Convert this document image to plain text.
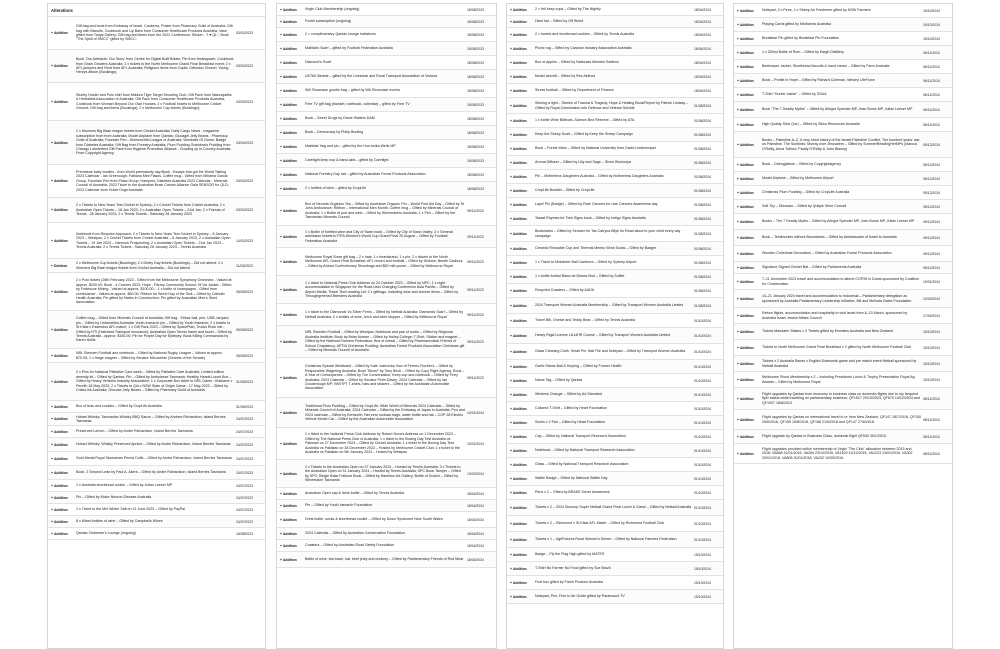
Alterations
+ Addition
Gift bag and book from Embassy of Israel, Canberra, Poster from Pharmacy Guild of Australia; Gift bag with Biscuits, Cookbook and Lip Balm from Consumer Healthcare Products Australia; Vase gifted from Tanya Gallery; Gift bag and items from the 2022 Conference; Sticker - "I ♥ QL"; Book "The Spirit of SMCC" gifted by SMCC;
03/02/2023
+ Addition
Book 'Our Artefacts: Our Story' from Centre for Digital Built Britain; Pin from Heatsquare; Cookbook from Grain Growers Australia; 2 x tickets to the North Melbourne Grand Final Breakfast event; 2 x AFL jumpers and Final from AFL Australia; Religious items from Coptic Orthodox Church; Young Henrys album (Bookings);
03/02/2023
+ Addition
Stubby Holder and Polo shirt from Mildura Tiger Target Shooting Club; Gift Pack from Naturapaths & Herbalists Association of Australia; Gift Pack from Consumer Healthcare Products Australia; Cookbook from Woman Beyond Our Own Houses; 2 x Football tickets to Melbourne Cricket Ground; Gift bag and items (Bookings); 2 x Melbourne Cup tickets (Bookings);
03/02/2023
+ Addition
2 x Womens Big Bash league tickets from Cricket Australia; Daily Cargo News - magazine subscription from from Australia; Model Airplane from Qantas; Glucagel Jelly Beans - Pharmacy Guild of Australia; Fountain Pen - Womenchild League of Australia; Wombats Of Gorse; Badge from Diabetes Australia; Gift Bag from Forestry Australia; Plum Pudding Grandma's Pudding from Chicago Lobsterfest Gift Pack from Hygiene Promotion Alliance - Growing up in Country Australia - From Copyright Agency;
03/02/2023
+ Addition
Premature baby booties - from World prematurity day;Book - Essays that got the World Talking 2023 Calendar - Ian Greenough; Fabiana Mint Flasks, Coffee mug - Gifted from Mihaela Garcia Group; Fountain Pen from Plaza Group; Hampers; Diabetes Australia 2023 Calendar - Minerals Council of Australia; 2023 Ticket to the Australian Brain Cancer Alliance Gala SENSOR for QLD; 2023 Calendar from Guide Dogs Australia
03/02/2023
+ Addition
2 x Tickets to New Years Test Cricket in Sydney; 2 x Cricket Tickets from Cricket Australia; 2 x Australian Open Tickets – 18 Jan 2023; 2 x Australian Open Tickets – 21st Jan; 2 x Friends of Tennis - 28 January 2023, 2 x Tennis Tickets - Saturday 28 January 2023
03/02/2023
+ Addition
Notebook from Respoke Approach; 2 x Tickets to New Years Test Cricket in Sydney – 6 January 2023 – Westpac; 2 x Cricket Tickets from Cricket Australia – 6 January 2023; 2 x Australian Open Tickets – 19 Jan 2023 – Hancock Prospecting; 2 x Australian Open Tickets – 21st Jan 2023 – Tennis Australia; 2 x Tennis Tickets - Saturday 28 January 2023 – Tennis Australia
14/02/2023
+ Deletion
2 x Melbourne Cup tickets (Bookings); 2 x Derby Day tickets (Bookings) – Did not attend; 2 x Womens Big Bash league tickets from Cricket Australia – Did not attend	11/03/2023
+ Addition
2 x Polo tickets (26th February 2023 - Gifted from the Melbourne Symphony Orchestra - Valued at approx. $200.00; Book - 4 Corners 2023, Hope - Fitzroy Community School; Hi Vis Jacket - Gifted by Fortescue Mining - Valued at approx. $100.00; - 1 x bottle of champagne - Gifted from continuance - Valued at approx. $60.00; Ribbon for World Day of the Sick – Gifted by Catholic Health Australia; Pin gifted by Mates in Construction; Pin gifted by Australian Men's Shed Association;
05/05/2023
+ Addition
Coffee mug – Gifted from Minerals Council of Australia; Gift bag - Shiraz ball, pen, USB, lanyard, pin – Gifted by Universities Australia; Youth Insearch pin – Gifted by Youth Insearch; 2 x tickets to St Kilda v Essendon AFL match; 1 x Gift Pack 2023 – Gifted by SpacePlan; Trucks Rock hat - Gifted by HTI (Hatchard Transport Insurance); Australian Open Tennis frame and towel – Gifted by Tennis Australia - approx. $150.00; Pin for Purple Day for Epilepsy; Book Killing Commandos by Karen Hollis
05/05/2023
+ Addition
NRL Steeden Football and notebook – Gifted by National Rugby League – Valued at approx. $70.00; 1 x fridge magnet – Gifted by Senator McLachlan (Secrets of the Senate)	05/05/2023
+ Addition
2 x Pins for National Palliative Care week – Gifted by Palliative Care Australia; Limited edition amenity kit – Gifted by Qantas; Pin – Gifted by Ambulance Tasmania; Healthy Heads Lunch Box – Gifted by Heavy Vehicles Industry Association; 1 x Corporate Box ticket to NRL Game - Brisbane v Penrith 18 May 2023; 2 x Tickets to Qld v NSW State of Origin Game - 17 May 2023 – Gifted by CrisisLink Australia; Glucose Jelly Beans – Gifted by Pharmacy Guild of Australia
31/05/2023
+ Addition	Box of teas and cookies – Gifted by CropLife Australia	31/05/2023
+ Addition
Hobart Whisky: Tasmanian Whisky BBQ Sauce – Gifted by Andrew Richardson, Island Berries Tasmania	24/07/2023
+ Addition	Preserved Lemon – Gifted by Andre Richardson, Island Berries Tasmania	24/07/2023
+ Addition	Hobart Whisky: Whisky Preserved Apricot – Gifted by Andre Richardson, Island Berries Tasmania	24/07/2023
+ Addition	Gold Medal Royal Tasmanian Pemia Coffs – Gifted by Andre Richardson, Island Berries Tasmania	24/07/2023
+ Addition	Book: 2 Second Lean by Paul A. Akers – Gifted by Andre Richardson, Island Berries Tasmania	24/07/2023
+ Addition	1 x Australia shortbread cookie – Gifted by Julian Leeser MP	24/07/2023
+ Addition	Pin – Gifted by Motor Neuron Disease Australia	24/07/2023
+ Addition	1 x Ticket to the Mel Winter Salt on 21 June 2023 – Gifted by PayPal	24/07/2023
+ Addition	8 x Mixed bottles of wine – Gifted by Campbells Wines	24/07/2023
+ Addition	Qantas Chairman's Lounge (ongoing)	18/08/2023
+ Addition	Virgin Club Membership (ongoing)	18/08/2023
+ Addition	Foxtel subscription (ongoing)	18/08/2023
+ Addition	2 × complimentary Qantas lounge invitations	18/08/2023
+ Addition	Matilda's Scarf – gifted by Football Federation Australia	18/08/2023
+ Addition	Diamond's Scarf	18/08/2023
+ Addition	UKTAV Beanie – gifted by the Livestock and Rural Transport Association of Victoria	18/08/2023
+ Addition	WA Showcase goodie bag – gifted by WA Showcase events	18/08/2023
+ Addition	Free TV gift bag (blanket, notebook, calendar) – gifted by Free TV	18/08/2023
+ Addition	Book – Street Drugs by Dame Walters DAM	18/08/2023
+ Addition	Book – Democracy by Philip Bunting	18/08/2023
+ Addition	Matildas' flag and pin – gifted by the Hon Anika Wells MP	18/08/2023
+ Addition	Carefight keep cup & band-aids – gifted by Carefight	18/08/2023
+ Addition	National Forestry Day hat – gifted by Australian Forest Products Association	18/08/2023
+ Addition	2 × bottles of wine – gifted by CropLife	18/08/2023
+ Addition
Box of Nevada Organics Tea – Gifted by Australian Organic; Pin – World First Aid Day – Gifted by St John Ambulance; Ribbon – International Men Month; Coffee mug – Gifted by Minerals Council of Australia; 1 x Bottle of port and wine – Gifted by Winemakers Australia; 1 x Pen – Gifted by the Tasmanian Minerals Council
09/11/2023
+ Addition
1 x Bottle of fortified wine and City of Swan book – Gifted by City of Swan Valley; 2 x General admission tickets to FIFA Women's World Cup Grand Final 20 August – Gifted by Football Federation Australia
09/11/2023
+ Addition
Melbourne Royal Show gift bag – 2 x hats, 1 x heartstrand, 1 x pin; 2 x tickets to the North Melbourne AFL Grand Final Breakfast; AFL record and football – Gifted by Dinkme; Beetle Cadbury – Gifted by Ahead Confectionary Showbags and $50 milk-purse – Gifted by Melbourne Royal
09/11/2023
+ Addition
1 x ticket to National Press Club Address on 24 October 2023 – Gifted by NPC; 1 x night accommodation in Singapore for the Road User Charging Conference Asia Pacific – Gifted by Airport Media; Travel Tech reading Ltd; 2 x giftbags, including wine and cheese items – Gifted by Throughgreened Breeders Australia
09/11/2023
+ Addition
1 x ticket to the Diamonds Vs Silver Ferns – Gifted by Netball Australia; Diamonds Scarf – Gifted by Netball Australia; 2 x bottles of wine, torch and wine stopper – Gifted by Melbourne Royal	09/11/2023
+ Addition
NRL Steeden Football – Gifted by Westpac; Notebook and pair of socks – Gifted by Regional Australia Institute; Book by Brian Nosser – Gifted by Holley College; T-Shirt, Sticker and magnet – Gifted by the National Farmers Federation; Box of cereal – Gifted by Pharmaceutical Friends of School Chaplaincy; APTIA Christmas Pudding; Australian Forest Products Association Christmas gift – Gifted by Minerals Council of Australia
09/11/2023
+ Addition
Christmas Special Wristband – Gifted by Kate Jusevicks; Box of Ferrero Rocher's – Gifted by Responsible Wagering Australia; Book "Blood" by Tony Birch – Gifted by Copy Right Agency; Book – A Year of Consequence – Gifted by The Conversation; Keep cup and notebook – Gifted by Ferry Australia; 2024 Calendar – Gifted by Senator Perin Davey; 2024 Calendar – Gifted by Ian Goodenough MP; WWTPT T-shirts, hats and stickers – Gifted by the Australian Automobile Association
09/11/2023
+ Addition
Traditional Plum Pudding – Gifted by CropLife; Wide World of Minerals 2024 Calendar – Gifted by Minerals Council of Australia; 2024 Calendar – Gifted by the Embassy of Japan in Australia; Pen and 2024 calendar – Gifted by Kenworth; Net zero rucksac bags, water bottle and hat – COP 28 Electric Vehicle Model Car – Gifted by the Australian Automobile Association
10/01/2024
+ Addition
1 x ticket to the National Press Club Address by Robert Nova's Address on 1 December 2023 – Gifted by The National Press Club of Australia; 1 x ticket to the Boxing Day Test Australia vs Pakistan on 27 December 2023 – Gifted by Cricket Australia; 1 x ticket to the Boxing Day Test Australia vs Pakistan on 28 December 2023 – Hosted by Melbourne Cricket Club; 1 x ticket to the Australia vs Pakistan on 5th January 2024 – Hosted by Westpac
10/01/2024
+ Addition
2 x Tickets to the Australian Open on 27 January 2024 – Hosted by Tennis Australia; 3 x Tickets to the Australian Open on 31 January 2024 – Hosted by Tennis Australia; SPC Book Tamper – Gifted by SPC; Bingle Bake Folklore Book – Gifted by Hamilton Art Gallery; Bottle of Scotch – Gifted by Winemaker Tasmania
13/02/2024
+ Addition	Australian Open cap & drink bottle – Gifted by Tennis Australia	18/04/2024
+ Addition	Pin – Gifted by Youth Insearch Foundation	18/04/2024
+ Addition	Drink bottle, socks & shortbread cookie – Gifted by Down Syndrome New South Wales	18/04/2024
+ Addition	2024 Calendar – Gifted by Australian Conservation Foundation	18/04/2024
+ Addition	Coasters – Gifted by Australian Road Safety Foundation	18/04/2024
+ Addition	Bottle of wine, tea towel, hat, beef jerky and chutney – Gifted by Parliamentary Friends of Red Meat	18/04/2024
+ Addition	2 × felt keep cups – Gifted by The Nightly	18/04/2024
+ Addition	Hard hat – Gifted by Off World	18/04/2024
+ Addition	2 × towels and shortbread cookies – Gifted by Tennis Australia	18/04/2024
+ Addition	Picnic rug – Gifted by Caravan Industry Association Australia	18/04/2024
+ Addition	Box of apples – Gifted by Nationals Member Batterol	18/04/2024
+ Addition	Model aircraft – Gifted by Rex Airlines	18/04/2024
+ Addition	Stress football – Gifted by Department of Finance	18/04/2024
+ Addition
Shining a light – Stories of Trauma & Tragedy, Hope & Healing Book/Report by Patrick Lindsay – Gifted by Royal Commission into Defence and Veteran Suicide	01/08/2024
+ Addition	1 x bottle Wine Billecart–Salmon Brut Reserve – Gifted by ATA	01/08/2024
+ Addition	Keep the Sheep Scarf – Gifted by Keep the Sheep Campaign	01/08/2024
+ Addition	Book – Forest Wars – Gifted by National University from David Lindenmayer	01/08/2024
+ Addition	Aroma Diffuser – Gifted by Lilly and Sage – Show Wooloopa	01/08/2024
+ Addition	Pin – Motherless Daughters Australia – Gifted by Motherless Daughters Australia	01/08/2024
+ Addition	CropLife Booklet – Gifted by CropLife	01/08/2024
+ Addition	Lapel Pin (Badge) – Gifted by Rare Cancers for rare Cancers Awareness day	01/08/2024
+ Addition	Tassal Rhymes for Twin Signs book – Gifted by Indigo Signs Australia	01/08/2024
+ Addition
Bookmarks – Gifted by Senator for Tas Catryna Bilyk for Read aloud to your child every day campaign	01/08/2024
+ Addition	Ceramic Reusable Cup and Thermal Merino Work Socks – Gifted by Badger	01/08/2024
+ Addition	1 x Ticket to Midwinter Ball Canberra – Gifted by Sydney Airport	01/08/2024
+ Addition	1 x bottle Ambal Blanc de Blancs Brut – Gifted by Sofitel	01/08/2024
+ Addition	Recycled Coasters – Gifted by AADA	01/08/2024
+ Addition	2024 Transport Women Australia Membership – Gifted by Transport Women Australia Limited	01/08/2024
+ Addition	Travel Bib, Onesie and Teddy Bear – Gifted by Tennis Australia	01/10/2024
+ Addition	Heavy Rigid Licence 1A14HR Course – Gifted by Transport Women Australia Limited	01/10/2024
+ Addition	Glass Cleaning Cloth, Small Pin, Nail File and Notepad – Gifted by Transport Women Australia	01/10/2024
+ Addition	Garlic Stress Ball & Keyring – Gifted by Former Health	01/10/2024
+ Addition	Name Tag – Gifted by Qantas	01/10/2024
+ Addition	Wireless Charger – Gifted by Ad Standard	01/10/2024
+ Addition	Collared T-Shirt – Gifted by Heart Foundation	01/10/2024
+ Addition	Socks x 2 Pair – Gifted by Heart Foundation	01/10/2024
+ Addition	Cap – Gifted by National Transport Research Association	01/10/2024
+ Addition	Notebook – Gifted by National Transport Research Association	01/10/2024
+ Addition	Glass – Gifted by National Transport Research Association	01/10/2024
+ Addition	Wattle Badge – Gifted by National Wattle Day	01/10/2024
+ Addition	Pens x 2 – Gifted by BRAKE Driver Awareness	01/10/2024
+ Addition	Tickets x 2 – 2024 Suncorp Super Netball Grand Final Lunch & Game – Gifted by Netball Australia 01/10/2024
+ Addition	Tickets x 2 – Richmond v St Kilda AFL Match – Gifted by Richmond Football Club	01/10/2024
+ Addition	Tickets x 1 – AgriFutures Rural Women's Dinner – Gifted by National Farmers Federation	01/10/2024
+ Addition	Badge – Fly the Flag High gifted by MATES	15/10/2024
+ Addition	T-Shirt No Farmer No Food gifted by Sue Brazil	15/10/2024
+ Addition	Fruit box gifted by Fresh Produce Australia	15/10/2024
+ Addition	Notepad, Pen, Free to Air Guide gifted by Paramount TV	15/10/2024
+ Addition	Notepad, 3 x Pens, 1 x Sheep Air Freshener gifted by NSW Farmers	15/10/2024
+ Addition	Playing Cards gifted by Medicines Australia	15/10/2024
+ Addition	Breakfast Pin gifted by Breakfast Pin Foundation	15/10/2024
+ Addition	1 x 200ml Bottle of Rum – Gifted by Eargh Distillery	06/11/2024
+ Addition	Beekeeper Jacket, Shortbread biscuits & hand cream – Gifted by Farm Australia	06/11/2024
+ Addition	Book – Profile In Hope – Gifted by Richard Coleman, Wesley LifeForce	06/11/2024
+ Addition	T-Shirt "Hunter Inside" – Gifted by SSAA	06/11/2024
+ Addition	Book "The 7 Deadly Myths" – Gifted by Allegra Spender MP, Jean Burns MP, Julian Leeser MP	06/11/2024
+ Addition	High Quality Slice (Jar) – Gifted by Silica Resources Australia	06/11/2024
+ Addition
Books – Palestine A–Z, A very short history of the Israeli-Palestine Conflict, The hundred years' war on Palestine, The Sunbirds: Murray over Jerusalem – Gifted by SummerReadingHerMPs (Marcus O'Reilly, Anna Tufford, Paddy O'Reilly & John Blaney)
05/12/2024
+ Addition	Book – Ddengjaissie – Gifted by Copyrightagency	05/12/2024
+ Addition	Model Airplane – Gifted by Melbourne Airport	05/12/2024
+ Addition	Christmas Plum Pudding – Gifted by CropLife Australia	05/12/2024
+ Addition	Soft Toy – Dinosaur – Gifted by Quilpie Shire Council	05/12/2024
+ Addition	Books – The 7 Deadly Myths – Gifted by Allegra Spender MP, Josh Burns MP, Julian Leeser MP	05/12/2024
+ Addition	Book – Testimonies without Boundaries – Gifted by Ambassador of Israel to Australia	05/12/2024
+ Addition	Wooden Christmas Decoration – Gifted by Australian Forest Products Association	05/12/2024
+ Addition	Signature Signed Cricket Bat – Gifted by Parliaments Australia	05/12/2024
+ Addition
7–11 December 2023 travel and accommodation to attend COP28 in Dubai sponsored by Coalition for Conservation	10/01/2024
+ Addition
14–21 January 2024 travel and accommodation to Indonesia – Parliamentary delegation as sponsored by Australia Parliamentary Leadership Initiative, Bill and Melinda Gates Foundation	12/02/2024
+ Addition
Return flights, accommodation and hospitality to visit Israel from 8–13 March, sponsored by Australia Israel Jewish Affairs Council	17/04/2024
+ Addition	Tickets Mandarin Stakes x 2 Tickets gifted by Emirates Australia and New Zealand	15/10/2024
+ Addition	Tickets to North Melbourne Grand Final Breakfast x 2 gifted by North Melbourne Football Club	15/10/2024
+ Addition
Tickets x 2 Australia Races x English Diamonds game and pre match event Netball sponsored by Netball Australia	15/10/2024
+ Addition
Melbourne Show Membership x 2 – Including Presidents Lunch & Trophy Presentation Royal Ag Awards – Gifted by Melbourne Royal	15/10/2024
+ Addition
Flight upgrades by Qantas from economy to business class on domestic flights due to my frequent flyer status while travelling on parliamentary business: QF1517 20/10/2023, QF670 14/12/2024 and QF1007 18/8/2024
08/11/2024
+ Addition
Flight upgrades by Qantas on international travel to or from New Zealand, QF147 18/7/2018, QF155 25/6/2018, QF155 19/8/2018, QF158 21/5/2018 and QF147 27/6/2018.	08/11/2024
+ Addition	Flight upgrade by Qantas to Business Class, domestic flight QF530 30/1/2015.	08/11/2024
+ Addition
Flight upgrades provided within membership of Virgin "The Club" allocation between 2015 and 2018: VA868 31/01/2016, VA284 23/10/2016, VA1429 12/12/2016, VA1223 13/01/2016, VA302 20/01/2018, VA805 20/01/2018, VA232 10/09/2016.
08/11/2024
